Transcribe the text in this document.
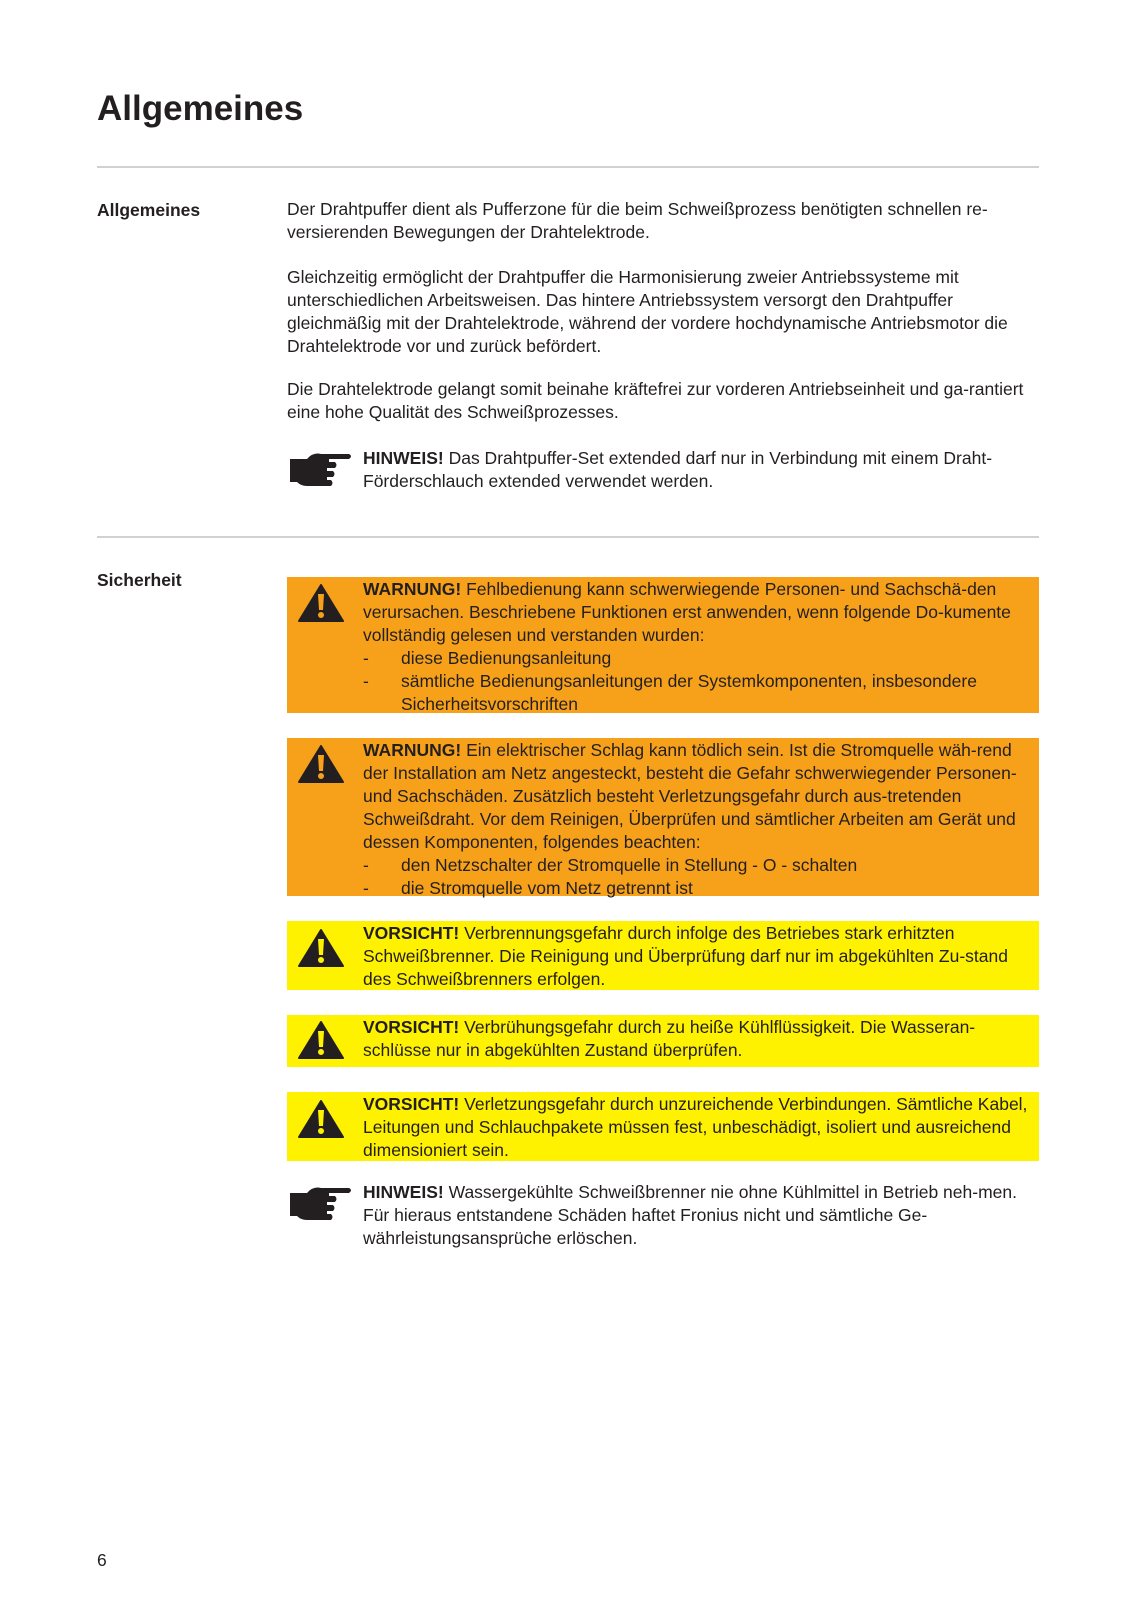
Allgemeines
Allgemeines	Der Drahtpuffer dient als Pufferzone für die beim Schweißprozess benötigten schnellen re-versierenden Bewegungen der Drahtelektrode.

Gleichzeitig ermöglicht der Drahtpuffer die Harmonisierung zweier Antriebssysteme mit unterschiedlichen Arbeitsweisen. Das hintere Antriebssystem versorgt den Drahtpuffer gleichmäßig mit der Drahtelektrode, während der vordere hochdynamische Antriebsmotor die Drahtelektrode vor und zurück befördert.

Die Drahtelektrode gelangt somit beinahe kräftefrei zur vorderen Antriebseinheit und ga-rantiert eine hohe Qualität des Schweißprozesses.

HINWEIS! Das Drahtpuffer-Set extended darf nur in Verbindung mit einem Draht-Förderschlauch extended verwendet werden.
Sicherheit	WARNUNG! Fehlbedienung kann schwerwiegende Personen- und Sachschä-den verursachen. Beschriebene Funktionen erst anwenden, wenn folgende Do-kumente vollständig gelesen und verstanden wurden:
-	diese Bedienungsanleitung
-	sämtliche Bedienungsanleitungen der Systemkomponenten, insbesondere Sicherheitsvorschriften
WARNUNG! Ein elektrischer Schlag kann tödlich sein. Ist die Stromquelle wäh-rend der Installation am Netz angesteckt, besteht die Gefahr schwerwiegender Personen- und Sachschäden. Zusätzlich besteht Verletzungsgefahr durch aus-tretenden Schweißdraht. Vor dem Reinigen, Überprüfen und sämtlicher Arbeiten am Gerät und dessen Komponenten, folgendes beachten:
-	den Netzschalter der Stromquelle in Stellung - O - schalten
-	die Stromquelle vom Netz getrennt ist
VORSICHT! Verbrennungsgefahr durch infolge des Betriebes stark erhitzten Schweißbrenner. Die Reinigung und Überprüfung darf nur im abgekühlten Zu-stand des Schweißbrenners erfolgen.
VORSICHT! Verbrühungsgefahr durch zu heiße Kühlflüssigkeit. Die Wasseran-schlüsse nur in abgekühlten Zustand überprüfen.
VORSICHT! Verletzungsgefahr durch unzureichende Verbindungen. Sämtliche Kabel, Leitungen und Schlauchpakete müssen fest, unbeschädigt, isoliert und ausreichend dimensioniert sein.
HINWEIS! Wassergekühlte Schweißbrenner nie ohne Kühlmittel in Betrieb neh-men. Für hieraus entstandene Schäden haftet Fronius nicht und sämtliche Ge-währleistungsansprüche erlöschen.
6
